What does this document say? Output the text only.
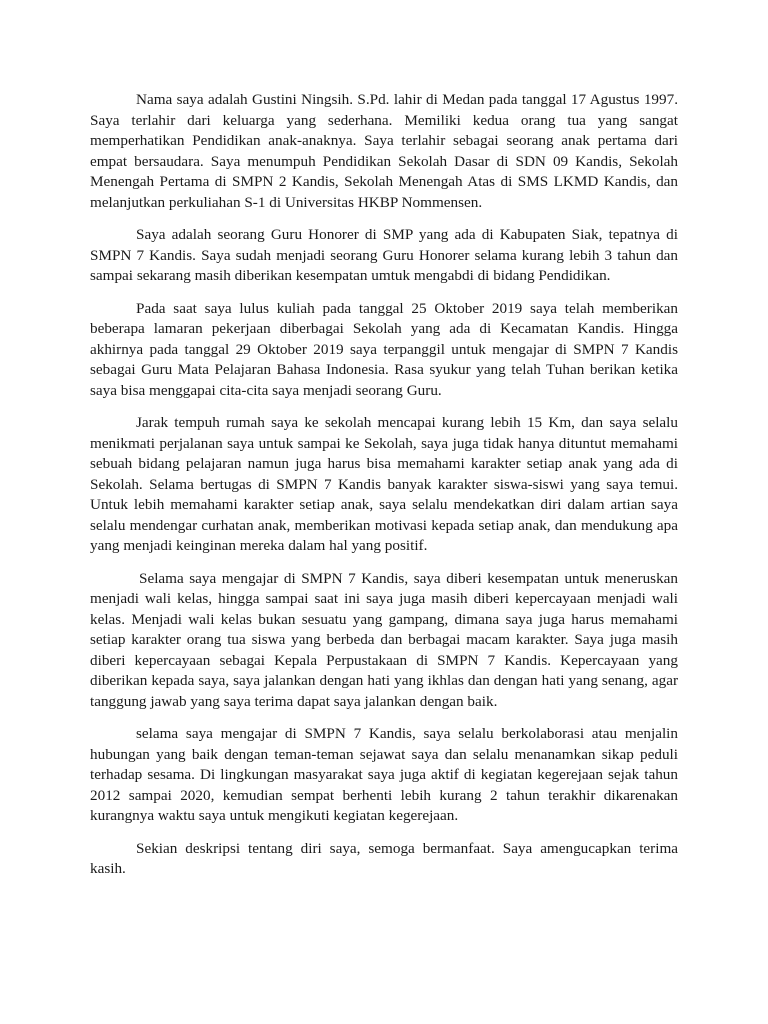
Nama saya adalah Gustini Ningsih. S.Pd. lahir di Medan pada tanggal 17 Agustus 1997. Saya terlahir dari keluarga yang sederhana. Memiliki kedua orang tua yang sangat memperhatikan Pendidikan anak-anaknya. Saya terlahir sebagai seorang anak pertama dari empat bersaudara. Saya menumpuh Pendidikan Sekolah Dasar di SDN 09 Kandis, Sekolah Menengah Pertama di SMPN 2 Kandis, Sekolah Menengah Atas di SMS LKMD Kandis, dan melanjutkan perkuliahan S-1 di Universitas HKBP Nommensen.

Saya adalah seorang Guru Honorer di SMP yang ada di Kabupaten Siak, tepatnya di SMPN 7 Kandis. Saya sudah menjadi seorang Guru Honorer selama kurang lebih 3 tahun dan sampai sekarang masih diberikan kesempatan umtuk mengabdi di bidang Pendidikan.

Pada saat saya lulus kuliah pada tanggal 25 Oktober 2019 saya telah memberikan beberapa lamaran pekerjaan diberbagai Sekolah yang ada di Kecamatan Kandis. Hingga akhirnya pada tanggal 29 Oktober 2019 saya terpanggil untuk mengajar di SMPN 7 Kandis sebagai Guru Mata Pelajaran Bahasa Indonesia. Rasa syukur yang telah Tuhan berikan ketika saya bisa menggapai cita-cita saya menjadi seorang Guru.

Jarak tempuh rumah saya ke sekolah mencapai kurang lebih 15 Km, dan saya selalu menikmati perjalanan saya untuk sampai ke Sekolah, saya juga tidak hanya dituntut memahami sebuah bidang pelajaran namun juga harus bisa memahami karakter setiap anak yang ada di Sekolah. Selama bertugas di SMPN 7 Kandis banyak karakter siswa-siswi yang saya temui. Untuk lebih memahami karakter setiap anak, saya selalu mendekatkan diri dalam artian saya selalu mendengar curhatan anak, memberikan motivasi kepada setiap anak, dan mendukung apa yang menjadi keinginan mereka dalam hal yang positif.

Selama saya mengajar di SMPN 7 Kandis, saya diberi kesempatan untuk meneruskan menjadi wali kelas, hingga sampai saat ini saya juga masih diberi kepercayaan menjadi wali kelas. Menjadi wali kelas bukan sesuatu yang gampang, dimana saya juga harus memahami setiap karakter orang tua siswa yang berbeda dan berbagai macam karakter. Saya juga masih diberi kepercayaan sebagai Kepala Perpustakaan di SMPN 7 Kandis. Kepercayaan yang diberikan kepada saya, saya jalankan dengan hati yang ikhlas dan dengan hati yang senang, agar tanggung jawab yang saya terima dapat saya jalankan dengan baik.

selama saya mengajar di SMPN 7 Kandis, saya selalu berkolaborasi atau menjalin hubungan yang baik dengan teman-teman sejawat saya dan selalu menanamkan sikap peduli terhadap sesama. Di lingkungan masyarakat saya juga aktif di kegiatan kegerejaan sejak tahun 2012 sampai 2020, kemudian sempat berhenti lebih kurang 2 tahun terakhir dikarenakan kurangnya waktu saya untuk mengikuti kegiatan kegerejaan.

Sekian deskripsi tentang diri saya, semoga bermanfaat. Saya amengucapkan terima kasih.
